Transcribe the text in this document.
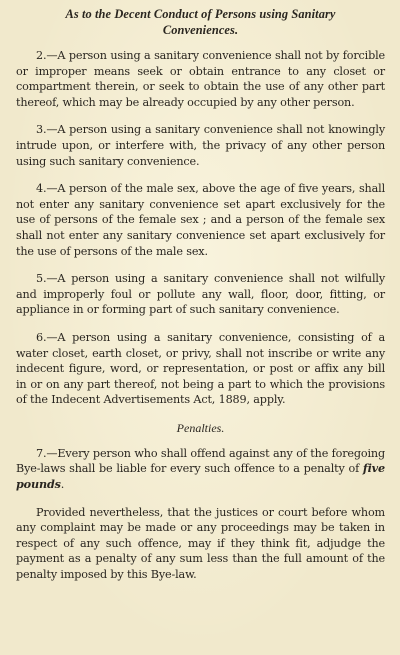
As to the Decent Conduct of Persons using Sanitary
Conveniences.

2.—A person using a sanitary convenience shall not by forcible or improper means seek or obtain entrance to any closet or compartment therein, or seek to obtain the use of any other part thereof, which may be already occupied by any other person.

3.—A person using a sanitary convenience shall not knowingly intrude upon, or interfere with, the privacy of any other person using such sanitary convenience.

4.—A person of the male sex, above the age of five years, shall not enter any sanitary convenience set apart exclusively for the use of persons of the female sex ; and a person of the female sex shall not enter any sanitary convenience set apart exclusively for the use of persons of the male sex.

5.—A person using a sanitary convenience shall not wilfully and improperly foul or pollute any wall, floor, door, fitting, or appliance in or forming part of such sanitary convenience.

6.—A person using a sanitary convenience, consisting of a water closet, earth closet, or privy, shall not inscribe or write any indecent figure, word, or representation, or post or affix any bill in or on any part thereof, not being a part to which the provisions of the Indecent Advertisements Act, 1889, apply.

Penalties.

7.—Every person who shall offend against any of the foregoing Bye-laws shall be liable for every such offence to a penalty of five pounds.

Provided nevertheless, that the justices or court before whom any complaint may be made or any proceedings may be taken in respect of any such offence, may if they think fit, adjudge the payment as a penalty of any sum less than the full amount of the penalty imposed by this Bye-law.
